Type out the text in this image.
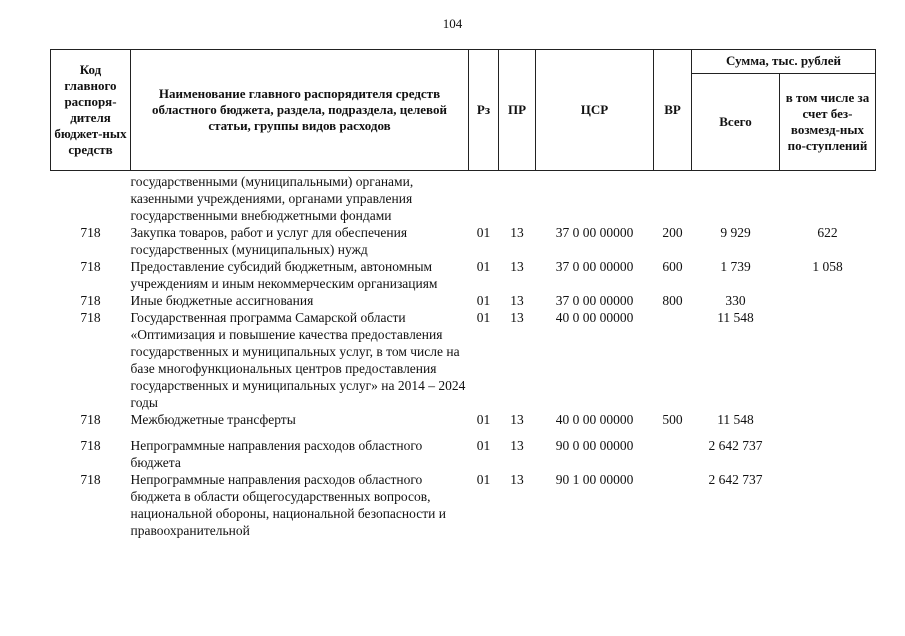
104
Код главного распоря-дителя бюджет-ных средств	Наименование главного распорядителя средств областного бюджета, раздела, подраздела, целевой статьи, группы видов расходов	Рз	ПР	ЦСР	ВР	Сумма, тыс. рублей	
						Всего	в том числе за счет без-возмезд-ных по-ступлений
	государственными (муниципальными) органами, казенными учреждениями, органами управления государственными внебюджетными фондами						
718	Закупка товаров, работ и услуг для обеспечения государственных (муниципальных) нужд	01	13	37 0 00 00000	200	9 929	622
718	Предоставление субсидий бюджетным, автономным учреждениям и иным некоммерческим организациям	01	13	37 0 00 00000	600	1 739	1 058
718	Иные бюджетные ассигнования	01	13	37 0 00 00000	800	330	
718	Государственная программа Самарской области «Оптимизация и повышение качества предоставления государственных и муниципальных услуг, в том числе на базе многофункциональных центров предоставления государственных и муниципальных услуг» на 2014 – 2024 годы	01	13	40 0 00 00000		11 548	
718	Межбюджетные трансферты	01	13	40 0 00 00000	500	11 548	

718	Непрограммные направления расходов областного бюджета	01	13	90 0 00 00000		2 642 737	
718	Непрограммные направления расходов областного бюджета в области общегосударственных вопросов, национальной обороны, национальной безопасности и правоохранительной	01	13	90 1 00 00000		2 642 737	
